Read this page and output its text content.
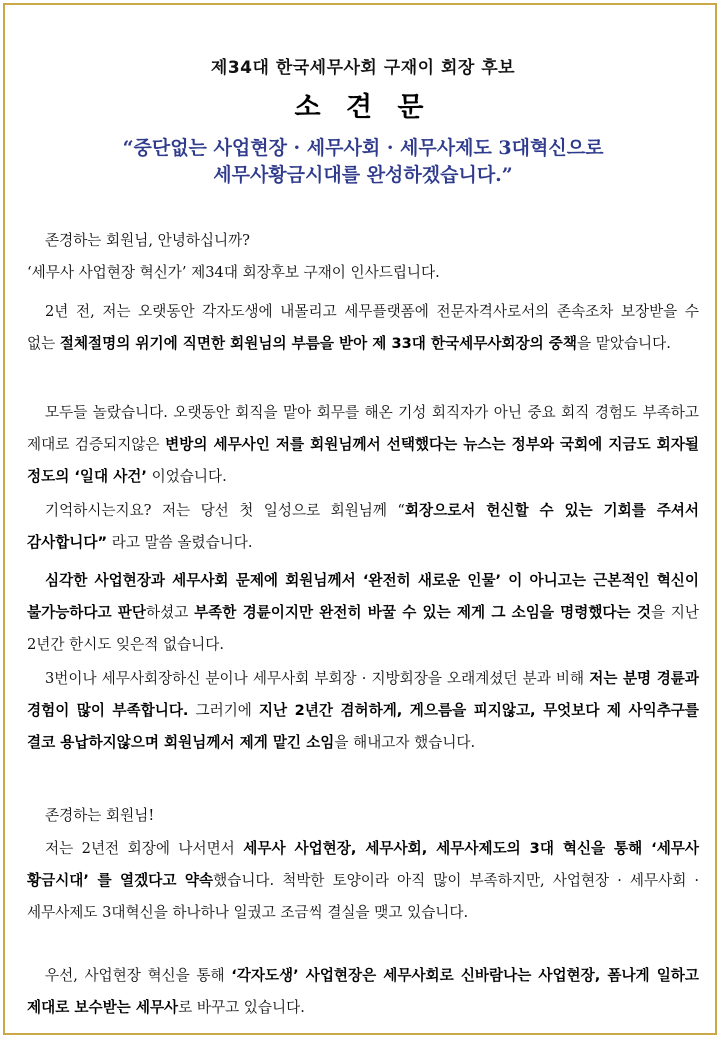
제34대 한국세무사회 구재이 회장 후보
소 견 문
“중단없는 사업현장 · 세무사회 · 세무사제도 3대혁신으로
세무사황금시대를 완성하겠습니다.”
존경하는 회원님, 안녕하십니까?
‘세무사 사업현장 혁신가’ 제34대 회장후보 구재이 인사드립니다.

2년 전, 저는 오랫동안 각자도생에 내몰리고 세무플랫폼에 전문자격사로서의 존속조차 보장받을 수 없는 절체절명의 위기에 직면한 회원님의 부름을 받아 제 33대 한국세무사회장의 중책을 맡았습니다.

모두들 놀랐습니다. 오랫동안 회직을 맡아 회무를 해온 기성 회직자가 아닌 중요 회직 경험도 부족하고 제대로 검증되지않은 변방의 세무사인 저를 회원님께서 선택했다는 뉴스는 정부와 국회에 지금도 회자될 정도의 ‘일대 사건’ 이었습니다.

기억하시는지요? 저는 당선 첫 일성으로 회원님께 “회장으로서 헌신할 수 있는 기회를 주셔서 감사합니다” 라고 말씀 올렸습니다.

심각한 사업현장과 세무사회 문제에 회원님께서 ‘완전히 새로운 인물’ 이 아니고는 근본적인 혁신이 불가능하다고 판단하셨고 부족한 경륜이지만 완전히 바꿀 수 있는 제게 그 소임을 명령했다는 것을 지난 2년간 한시도 잊은적 없습니다.

3번이나 세무사회장하신 분이나 세무사회 부회장 · 지방회장을 오래계셨던 분과 비해 저는 분명 경륜과 경험이 많이 부족합니다. 그러기에 지난 2년간 겸허하게, 게으름을 피지않고, 무엇보다 제 사익추구를 결코 용납하지않으며 회원님께서 제게 맡긴 소임을 해내고자 했습니다.

존경하는 회원님!

저는 2년전 회장에 나서면서 세무사 사업현장, 세무사회, 세무사제도의 3대 혁신을 통해 ‘세무사 황금시대’ 를 열겠다고 약속했습니다. 척박한 토양이라 아직 많이 부족하지만, 사업현장 · 세무사회 · 세무사제도 3대혁신을 하나하나 일궜고 조금씩 결실을 맺고 있습니다.

우선, 사업현장 혁신을 통해 ‘각자도생’ 사업현장은 세무사회로 신바람나는 사업현장, 폼나게 일하고 제대로 보수받는 세무사로 바꾸고 있습니다.
